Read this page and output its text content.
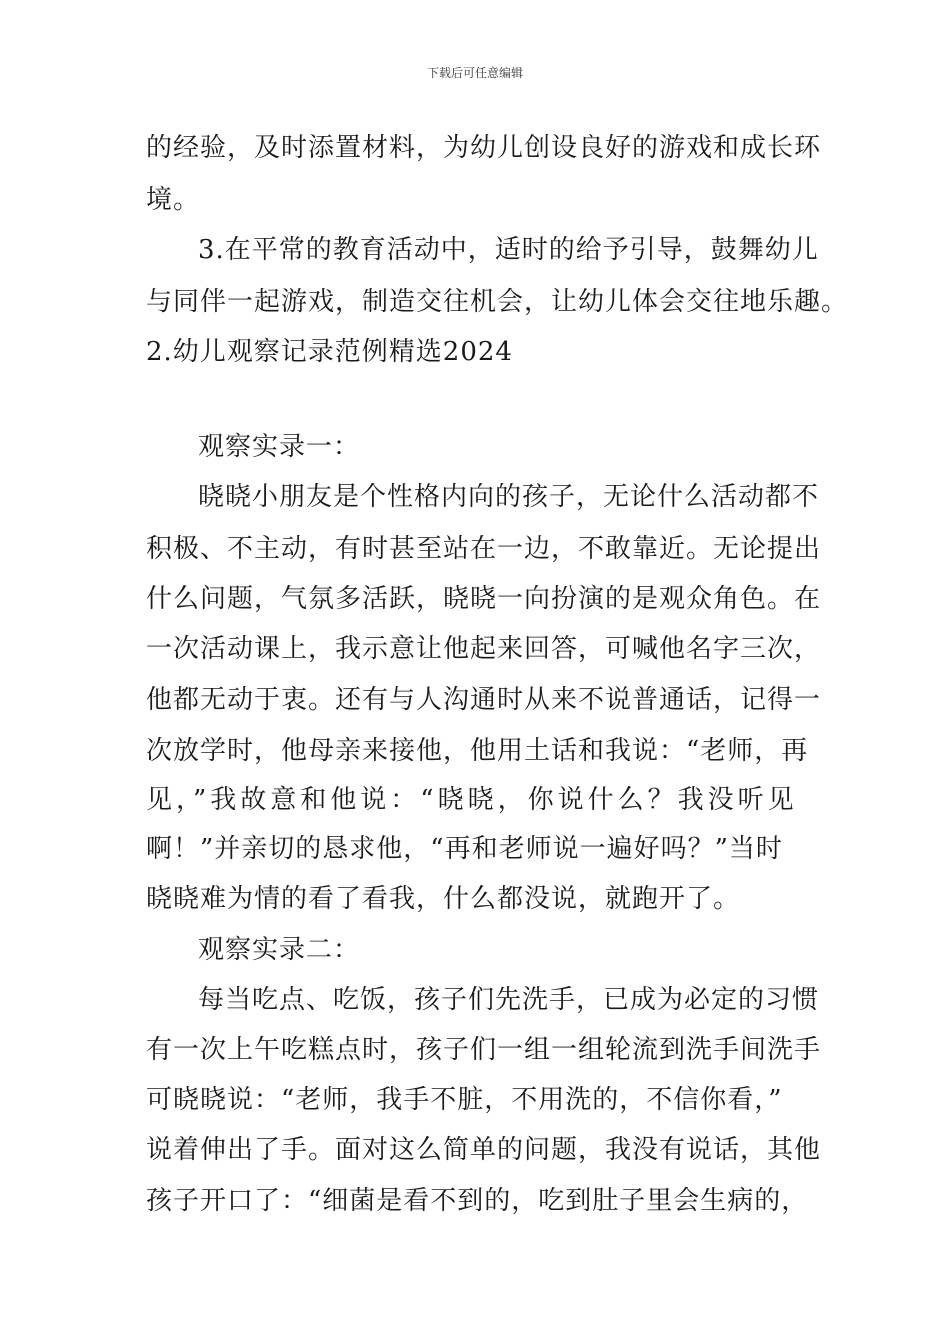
下载后可任意编辑
的经验，及时添置材料，为幼儿创设良好的游戏和成长环
境。
3.在平常的教育活动中，适时的给予引导，鼓舞幼儿
与同伴一起游戏，制造交往机会，让幼儿体会交往地乐趣。
2.幼儿观察记录范例精选2024
观察实录一：
晓晓小朋友是个性格内向的孩子，无论什么活动都不
积极、不主动，有时甚至站在一边，不敢靠近。无论提出
什么问题，气氛多活跃，晓晓一向扮演的是观众角色。在
一次活动课上，我示意让他起来回答，可喊他名字三次，
他都无动于衷。还有与人沟通时从来不说普通话，记得一
次放学时，他母亲来接他，他用土话和我说：“老师，再
见，”我故意和他说：“晓晓，你说什么？我没听见
啊！”并亲切的恳求他，“再和老师说一遍好吗？”当时
晓晓难为情的看了看我，什么都没说，就跑开了。
观察实录二：
每当吃点、吃饭，孩子们先洗手，已成为必定的习惯
有一次上午吃糕点时，孩子们一组一组轮流到洗手间洗手
可晓晓说：“老师，我手不脏，不用洗的，不信你看，”
说着伸出了手。面对这么简单的问题，我没有说话，其他
孩子开口了：“细菌是看不到的，吃到肚子里会生病的，
